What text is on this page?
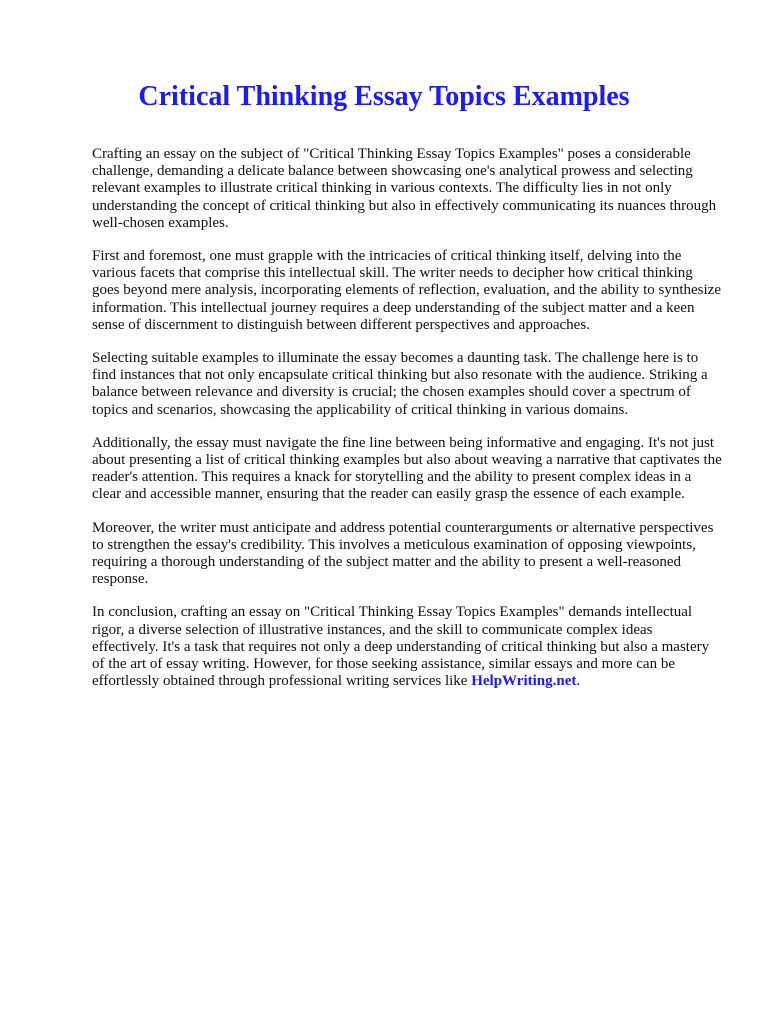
Critical Thinking Essay Topics Examples

Crafting an essay on the subject of "Critical Thinking Essay Topics Examples" poses a considerable challenge, demanding a delicate balance between showcasing one's analytical prowess and selecting relevant examples to illustrate critical thinking in various contexts. The difficulty lies in not only understanding the concept of critical thinking but also in effectively communicating its nuances through well-chosen examples.

First and foremost, one must grapple with the intricacies of critical thinking itself, delving into the various facets that comprise this intellectual skill. The writer needs to decipher how critical thinking goes beyond mere analysis, incorporating elements of reflection, evaluation, and the ability to synthesize information. This intellectual journey requires a deep understanding of the subject matter and a keen sense of discernment to distinguish between different perspectives and approaches.

Selecting suitable examples to illuminate the essay becomes a daunting task. The challenge here is to find instances that not only encapsulate critical thinking but also resonate with the audience. Striking a balance between relevance and diversity is crucial; the chosen examples should cover a spectrum of topics and scenarios, showcasing the applicability of critical thinking in various domains.

Additionally, the essay must navigate the fine line between being informative and engaging. It's not just about presenting a list of critical thinking examples but also about weaving a narrative that captivates the reader's attention. This requires a knack for storytelling and the ability to present complex ideas in a clear and accessible manner, ensuring that the reader can easily grasp the essence of each example.

Moreover, the writer must anticipate and address potential counterarguments or alternative perspectives to strengthen the essay's credibility. This involves a meticulous examination of opposing viewpoints, requiring a thorough understanding of the subject matter and the ability to present a well-reasoned response.

In conclusion, crafting an essay on "Critical Thinking Essay Topics Examples" demands intellectual rigor, a diverse selection of illustrative instances, and the skill to communicate complex ideas effectively. It's a task that requires not only a deep understanding of critical thinking but also a mastery of the art of essay writing. However, for those seeking assistance, similar essays and more can be effortlessly obtained through professional writing services like HelpWriting.net.
